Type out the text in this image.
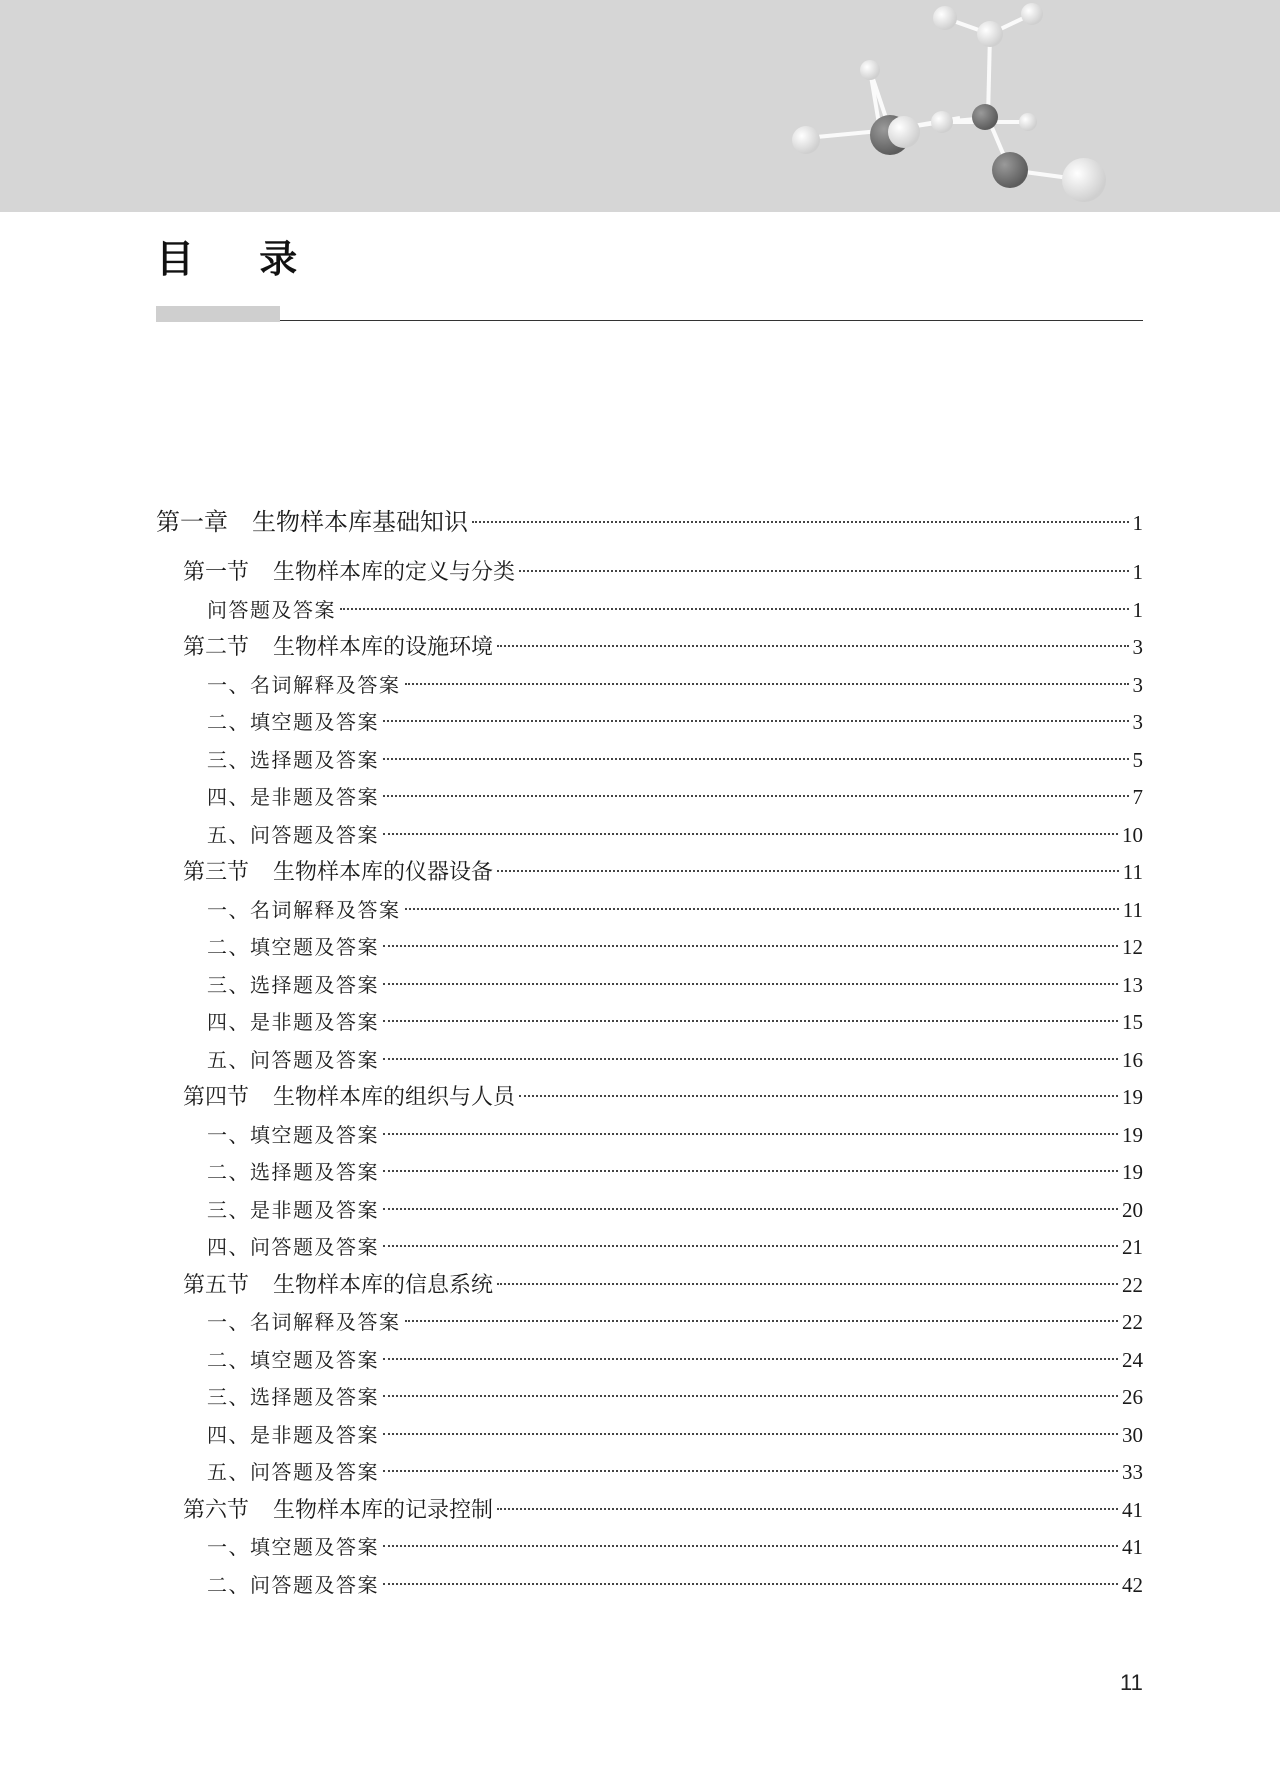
目 录
第一章 生物样本库基础知识	1
第一节 生物样本库的定义与分类	1
问答题及答案	1
第二节 生物样本库的设施环境	3
一、名词解释及答案	3
二、填空题及答案	3
三、选择题及答案	5
四、是非题及答案	7
五、问答题及答案	10
第三节 生物样本库的仪器设备	11
一、名词解释及答案	11
二、填空题及答案	12
三、选择题及答案	13
四、是非题及答案	15
五、问答题及答案	16
第四节 生物样本库的组织与人员	19
一、填空题及答案	19
二、选择题及答案	19
三、是非题及答案	20
四、问答题及答案	21
第五节 生物样本库的信息系统	22
一、名词解释及答案	22
二、填空题及答案	24
三、选择题及答案	26
四、是非题及答案	30
五、问答题及答案	33
第六节 生物样本库的记录控制	41
一、填空题及答案	41
二、问答题及答案	42
11
